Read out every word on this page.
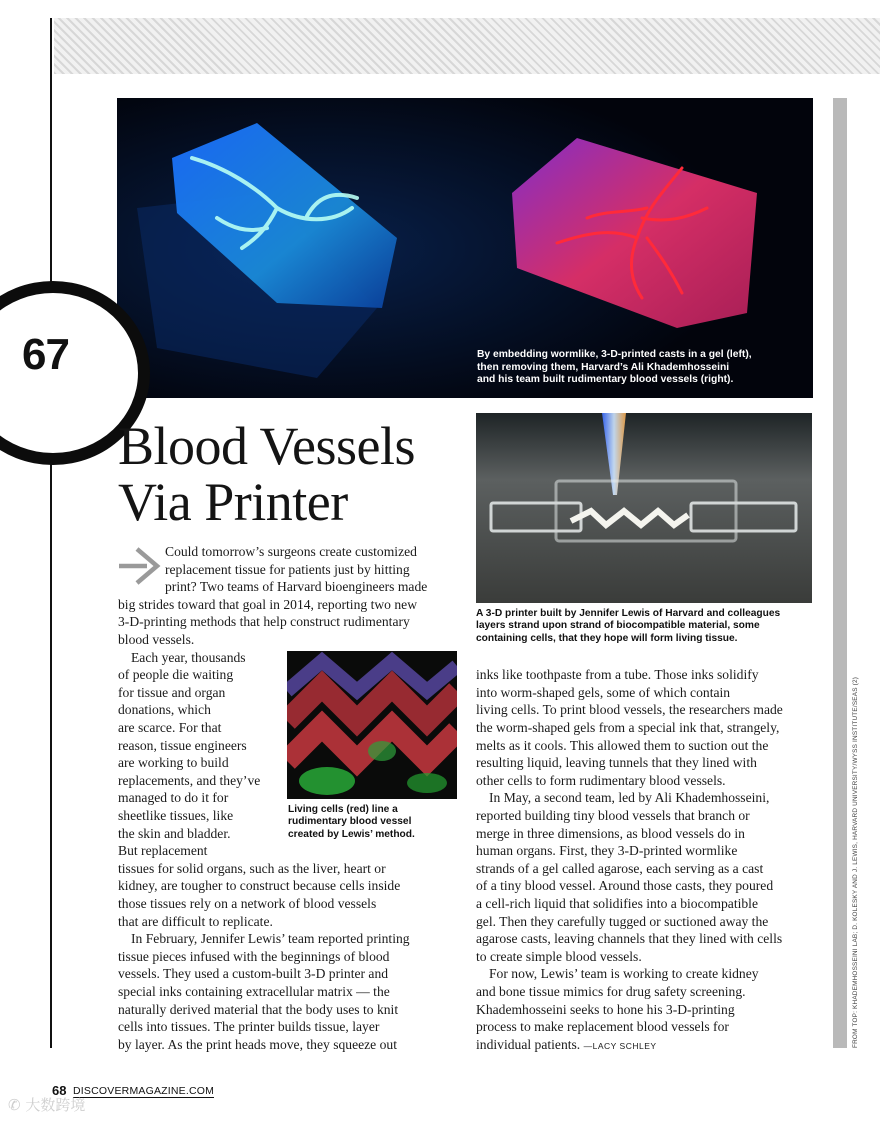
FROM TOP: KHADEMHOSSEINI LAB; D. KOLESKY AND J. LEWIS, HARVARD UNIVERSITY/WYSS INSTITUTE/SEAS (2)
By embedding wormlike, 3-D-printed casts in a gel (left),
then removing them, Harvard’s Ali Khademhosseini
and his team built rudimentary blood vessels (right).
67
Blood Vessels
Via Printer
A 3-D printer built by Jennifer Lewis of Harvard and colleagues
layers strand upon strand of biocompatible material, some
containing cells, that they hope will form living tissue.
Living cells (red) line a
rudimentary blood vessel
created by Lewis’ method.
Could tomorrow’s surgeons create customized
replacement tissue for patients just by hitting
print? Two teams of Harvard bioengineers made
big strides toward that goal in 2014, reporting two new
3-D-printing methods that help construct rudimentary
blood vessels.
Each year, thousands
of people die waiting
for tissue and organ
donations, which
are scarce. For that
reason, tissue engineers
are working to build
replacements, and they’ve
managed to do it for
sheetlike tissues, like
the skin and bladder.
But replacement
tissues for solid organs, such as the liver, heart or
kidney, are tougher to construct because cells inside
those tissues rely on a network of blood vessels
that are difficult to replicate.
In February, Jennifer Lewis’ team reported printing
tissue pieces infused with the beginnings of blood
vessels. They used a custom-built 3-D printer and
special inks containing extracellular matrix — the
naturally derived material that the body uses to knit
cells into tissues. The printer builds tissue, layer
by layer. As the print heads move, they squeeze out
inks like toothpaste from a tube. Those inks solidify
into worm-shaped gels, some of which contain
living cells. To print blood vessels, the researchers made
the worm-shaped gels from a special ink that, strangely,
melts as it cools. This allowed them to suction out the
resulting liquid, leaving tunnels that they lined with
other cells to form rudimentary blood vessels.
In May, a second team, led by Ali Khademhosseini,
reported building tiny blood vessels that branch or
merge in three dimensions, as blood vessels do in
human organs. First, they 3-D-printed wormlike
strands of a gel called agarose, each serving as a cast
of a tiny blood vessel. Around those casts, they poured
a cell-rich liquid that solidifies into a biocompatible
gel. Then they carefully tugged or suctioned away the
agarose casts, leaving channels that they lined with cells
to create simple blood vessels.
For now, Lewis’ team is working to create kidney
and bone tissue mimics for drug safety screening.
Khademhosseini seeks to hone his 3-D-printing
process to make replacement blood vessels for
individual patients. —LACY SCHLEY
68 DISCOVERMAGAZINE.COM
✆ 大数跨境
